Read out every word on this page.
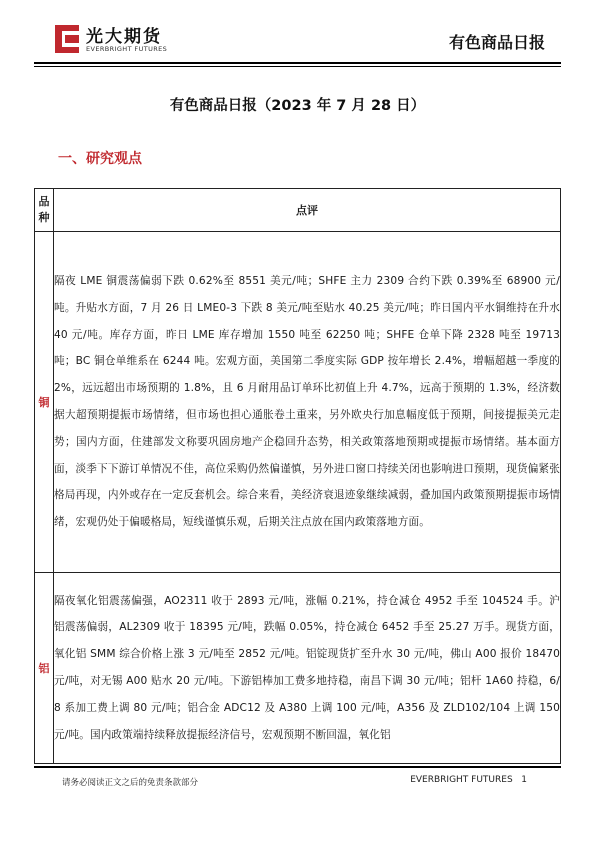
光大期货
EVERBRIGHT FUTURES	有色商品日报
有色商品日报（2023 年 7 月 28 日）
一、研究观点
品
种	点评
铜	隔夜 LME 铜震荡偏弱下跌 0.62%至 8551 美元/吨；SHFE 主力 2309 合约下跌 0.39%至 68900 元/吨。升贴水方面，7 月 26 日 LME0-3 下跌 8 美元/吨至贴水 40.25 美元/吨；昨日国内平水铜维持在升水 40 元/吨。库存方面，昨日 LME 库存增加 1550 吨至 62250 吨；SHFE 仓单下降 2328 吨至 19713 吨；BC 铜仓单维系在 6244 吨。宏观方面，美国第二季度实际 GDP 按年增长 2.4%，增幅超越一季度的 2%，远远超出市场预期的 1.8%，且 6 月耐用品订单环比初值上升 4.7%，远高于预期的 1.3%，经济数据大超预期提振市场情绪，但市场也担心通胀卷土重来，另外欧央行加息幅度低于预期，间接提振美元走势；国内方面，住建部发文称要巩固房地产企稳回升态势，相关政策落地预期或提振市场情绪。基本面方面，淡季下下游订单情况不佳，高位采购仍然偏谨慎，另外进口窗口持续关闭也影响进口预期，现货偏紧张格局再现，内外或存在一定反套机会。综合来看，美经济衰退迹象继续减弱，叠加国内政策预期提振市场情绪，宏观仍处于偏暖格局，短线谨慎乐观，后期关注点放在国内政策落地方面。
铝	隔夜氧化铝震荡偏强，AO2311 收于 2893 元/吨，涨幅 0.21%，持仓减仓 4952 手至 104524 手。沪铝震荡偏弱，AL2309 收于 18395 元/吨，跌幅 0.05%，持仓减仓 6452 手至 25.27 万手。现货方面，氧化铝 SMM 综合价格上涨 3 元/吨至 2852 元/吨。铝锭现货扩至升水 30 元/吨，佛山 A00 报价 18470 元/吨，对无锡 A00 贴水 20 元/吨。下游铝棒加工费多地持稳，南昌下调 30 元/吨；铝杆 1A60 持稳，6/8 系加工费上调 80 元/吨；铝合金 ADC12 及 A380 上调 100 元/吨，A356 及 ZLD102/104 上调 150 元/吨。国内政策端持续释放提振经济信号，宏观预期不断回温，氧化铝
请务必阅读正文之后的免责条款部分	EVERBRIGHT FUTURES 1
